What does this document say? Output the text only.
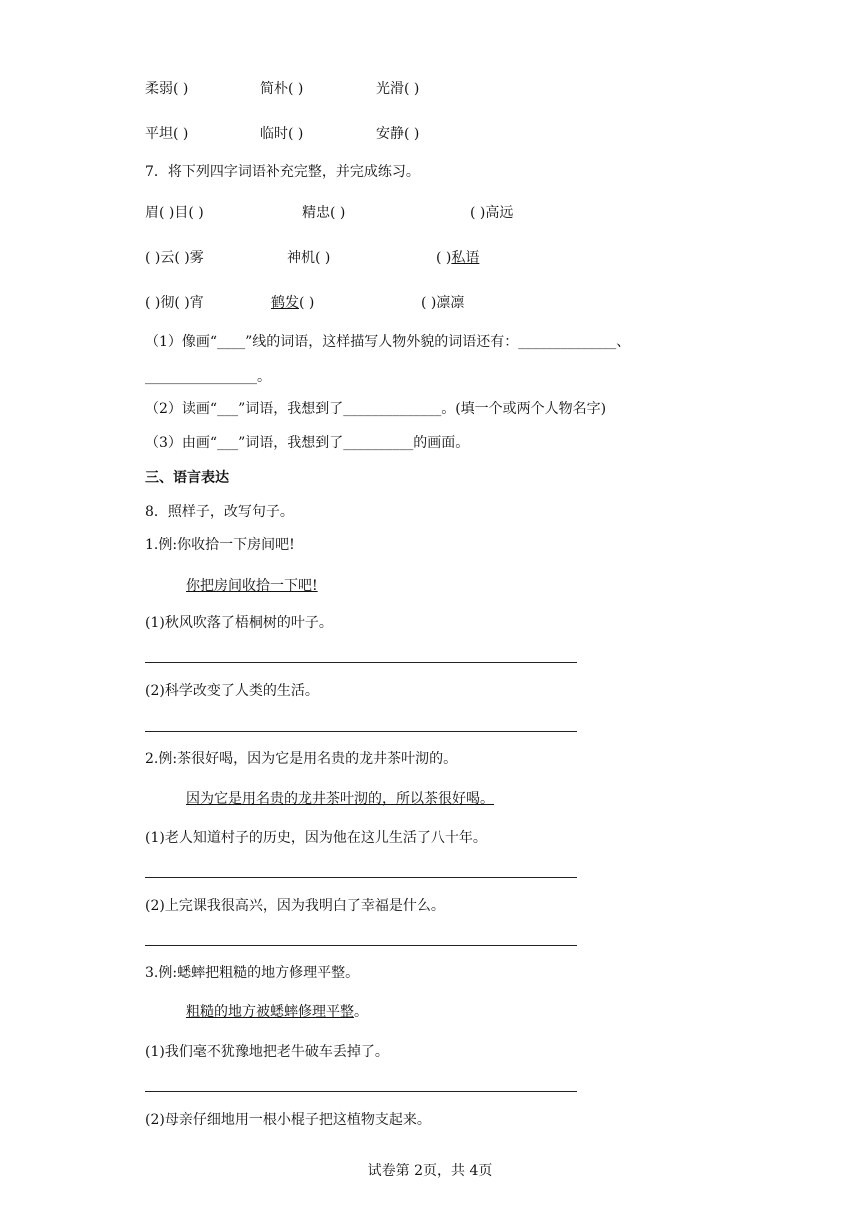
柔弱( )	简朴( )	光滑( )
平坦( )	临时( )	安静( )
7．将下列四字词语补充完整，并完成练习。
眉( )目( )	精忠( )	( )高远
( )云( )雾	神机( )	( )私语
( )彻( )宵	鹤发( )	( )凛凛
（1）像画“____”线的词语，这样描写人物外貌的词语还有：______________、
________________。
（2）读画“___”词语，我想到了______________。(填一个或两个人物名字)
（3）由画“___”词语，我想到了__________的画面。
三、语言表达
8．照样子，改写句子。
1.例:你收拾一下房间吧!
你把房间收拾一下吧!
(1)秋风吹落了梧桐树的叶子。
(2)科学改变了人类的生活。
2.例:茶很好喝，因为它是用名贵的龙井茶叶沏的。
因为它是用名贵的龙井茶叶沏的，所以茶很好喝。
(1)老人知道村子的历史，因为他在这儿生活了八十年。
(2)上完课我很高兴，因为我明白了幸福是什么。
3.例:蟋蟀把粗糙的地方修理平整。
粗糙的地方被蟋蟀修理平整。
(1)我们毫不犹豫地把老牛破车丢掉了。
(2)母亲仔细地用一根小棍子把这植物支起来。
试卷第 2页，共 4页
